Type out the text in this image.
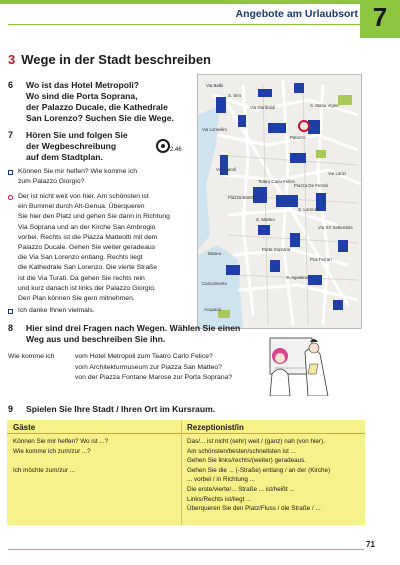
Angebote am Urlaubsort 7
3 Wege in der Stadt beschreiben
6 Wo ist das Hotel Metropoli?
Wo sind die Porta Soprana,
der Palazzo Ducale, die Kathedrale
San Lorenzo? Suchen Sie die Wege.
7 Hören Sie und folgen Sie
der Wegbeschreibung
auf dem Stadtplan.
2.46
Können Sie mir helfen? Wie komme ich
zum Palazzo Giorgio?
Der ist nicht weit von hier. Am schönsten ist
ein Bummel durch Alt-Genua. Überqueren
Sie hier den Platz und gehen Sie dann in Richtung
Via Soprana und an der Kirche San Ambrogio
vorbei. Rechts ist die Piazza Matteotti mit dem
Palazzo Ducale. Gehen Sie weiter geradeaus
die Via San Lorenzo entlang. Rechts liegt
die Kathedrale San Lorenzo. Die vierte Straße
ist die Via Turati. Da gehen Sie rechts rein
und kurz danach ist links der Palazzo Giorgio.
Den Plan können Sie gern mitnehmen.
Ich danke Ihnen vielmals.
Via Balbi
S. Siro
Via Lomellini
Via Garibaldi	S. Maria Vigne
Palazzo
Via Cairoli
Teatro Carlo Felice
Piazza De Ferrari
S. Lorenzo
Via XX Settembre
S. Matteo
Porta Soprana
Museo
Piazza Banchi
Caricamento
Acquario
Via Lanzi
S. Agostino
Pza Ferrari
8 Hier sind drei Fragen nach Wegen. Wählen Sie einen
Weg aus und beschreiben Sie ihn.
Wie komme ich	vom Hotel Metropoli zum Teatro Carlo Felice?
vom Architekturmuseum zur Piazza San Matteo?
von der Piazza Fontane Marose zur Porta Soprana?
9 Spielen Sie Ihre Stadt / Ihren Ort im Kursraum.
Gäste	Rezeptionist/in
Können Sie mir helfen? Wo ist ...?
Wie komme ich zum/zur ...?
Ich möchte zum/zur ...
Das/... ist nicht (sehr) weit / (ganz) nah (von hier).
Am schönsten/besten/schnellsten ist ...
Gehen Sie links/rechts/(weiter) geradeaus.
Gehen Sie die ... (-Straße) entlang / an der (Kirche)
... vorbei / in Richtung ...
Die erste/vierte/... Straße ... ist/heißt ...
Links/Rechts ist/liegt ...
Überqueren Sie den Platz/Fluss / die Straße / ...
71
